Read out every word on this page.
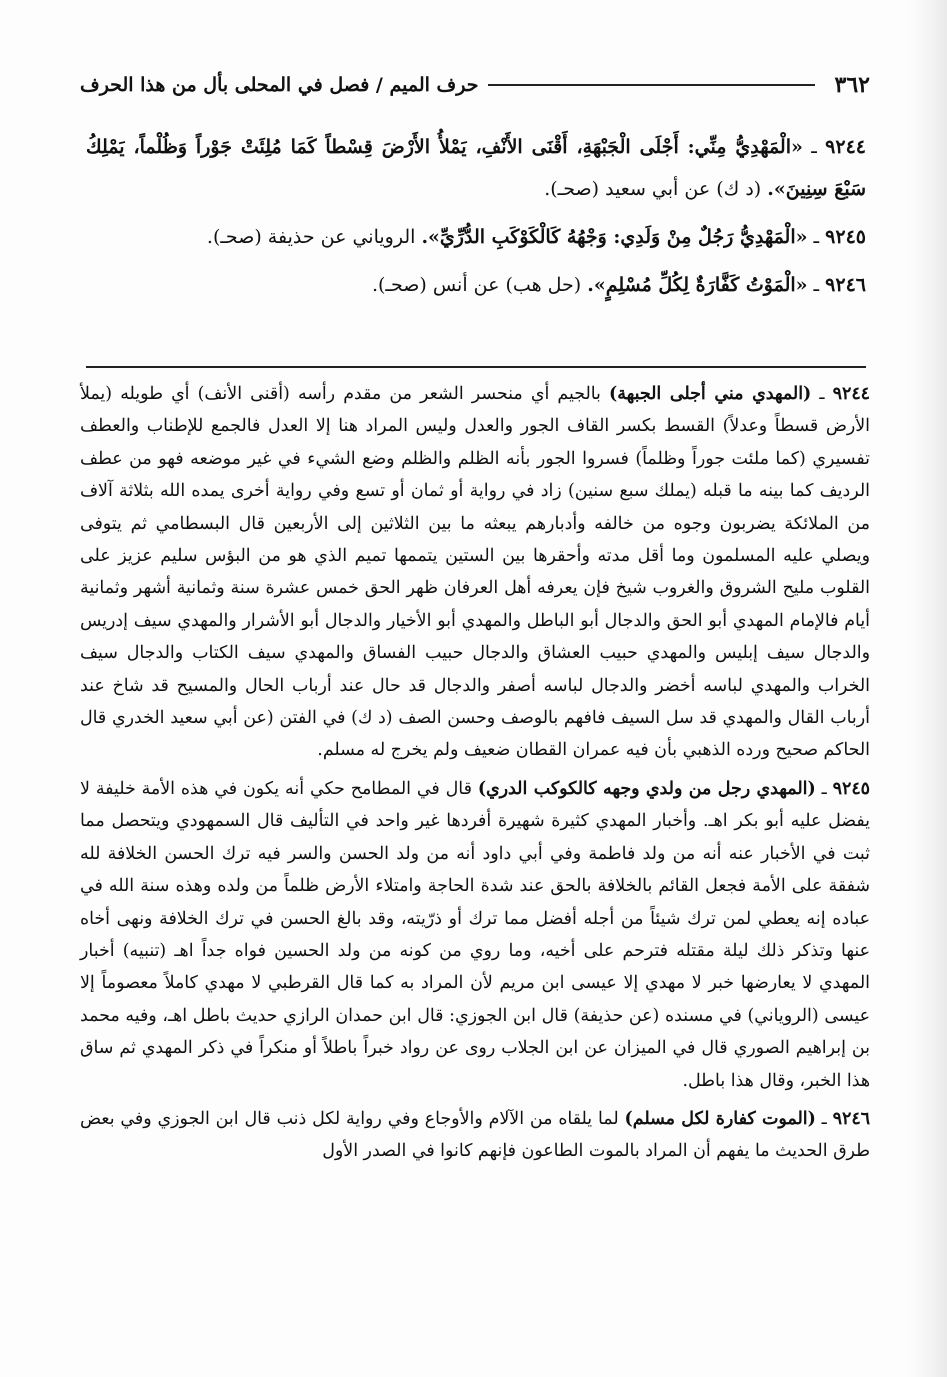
٣٦٢
حرف الميم / فصل في المحلى بأل من هذا الحرف

٩٢٤٤ ـ «الْمَهْدِيُّ مِنِّي: أَجْلَى الْجَبْهَةِ، أَقْنَى الأَنْفِ، يَمْلأُ الأَرْضَ قِسْطاً كَمَا مُلِئَتْ جَوْراً وَظُلْماً، يَمْلِكُ سَبْعَ سِنِينَ». (د ك) عن أبي سعيد (صحـ).

٩٢٤٥ ـ «الْمَهْدِيُّ رَجُلٌ مِنْ وَلَدِي: وَجْهُهُ كَالْكَوْكَبِ الدُّرِّيِّ». الروياني عن حذيفة (صحـ).

٩٢٤٦ ـ «الْمَوْتُ كَفَّارَةٌ لِكُلِّ مُسْلِمٍ». (حل هب) عن أنس (صحـ).

٩٢٤٤ ـ (المهدي مني أجلى الجبهة) بالجيم أي منحسر الشعر من مقدم رأسه (أقنى الأنف) أي طويله (يملأ الأرض قسطاً وعدلاً) القسط بكسر القاف الجور والعدل وليس المراد هنا إلا العدل فالجمع للإطناب والعطف تفسيري (كما ملئت جوراً وظلماً) فسروا الجور بأنه الظلم والظلم وضع الشيء في غير موضعه فهو من عطف الرديف كما بينه ما قبله (يملك سبع سنين) زاد في رواية أو ثمان أو تسع وفي رواية أخرى يمده الله بثلاثة آلاف من الملائكة يضربون وجوه من خالفه وأدبارهم يبعثه ما بين الثلاثين إلى الأربعين قال البسطامي ثم يتوفى ويصلي عليه المسلمون وما أقل مدته وأحقرها بين الستين يتممها تميم الذي هو من البؤس سليم عزيز على القلوب مليح الشروق والغروب شيخ فإن يعرفه أهل العرفان ظهر الحق خمس عشرة سنة وثمانية أشهر وثمانية أيام فالإمام المهدي أبو الحق والدجال أبو الباطل والمهدي أبو الأخيار والدجال أبو الأشرار والمهدي سيف إدريس والدجال سيف إبليس والمهدي حبيب العشاق والدجال حبيب الفساق والمهدي سيف الكتاب والدجال سيف الخراب والمهدي لباسه أخضر والدجال لباسه أصفر والدجال قد حال عند أرباب الحال والمسيح قد شاخ عند أرباب القال والمهدي قد سل السيف فافهم بالوصف وحسن الصف (د ك) في الفتن (عن أبي سعيد الخدري قال الحاكم صحيح ورده الذهبي بأن فيه عمران القطان ضعيف ولم يخرج له مسلم.

٩٢٤٥ ـ (المهدي رجل من ولدي وجهه كالكوكب الدري) قال في المطامح حكي أنه يكون في هذه الأمة خليفة لا يفضل عليه أبو بكر اهـ. وأخبار المهدي كثيرة شهيرة أفردها غير واحد في التأليف قال السمهودي ويتحصل مما ثبت في الأخبار عنه أنه من ولد فاطمة وفي أبي داود أنه من ولد الحسن والسر فيه ترك الحسن الخلافة لله شفقة على الأمة فجعل القائم بالخلافة بالحق عند شدة الحاجة وامتلاء الأرض ظلماً من ولده وهذه سنة الله في عباده إنه يعطي لمن ترك شيئاً من أجله أفضل مما ترك أو ذرّيته، وقد بالغ الحسن في ترك الخلافة ونهى أخاه عنها وتذكر ذلك ليلة مقتله فترحم على أخيه، وما روي من كونه من ولد الحسين فواه جداً اهـ (تنبيه) أخبار المهدي لا يعارضها خبر لا مهدي إلا عيسى ابن مريم لأن المراد به كما قال القرطبي لا مهدي كاملاً معصوماً إلا عيسى (الروياني) في مسنده (عن حذيفة) قال ابن الجوزي: قال ابن حمدان الرازي حديث باطل اهـ، وفيه محمد بن إبراهيم الصوري قال في الميزان عن ابن الجلاب روى عن رواد خبراً باطلاً أو منكراً في ذكر المهدي ثم ساق هذا الخبر، وقال هذا باطل.

٩٢٤٦ ـ (الموت كفارة لكل مسلم) لما يلقاه من الآلام والأوجاع وفي رواية لكل ذنب قال ابن الجوزي وفي بعض طرق الحديث ما يفهم أن المراد بالموت الطاعون فإنهم كانوا في الصدر الأول
